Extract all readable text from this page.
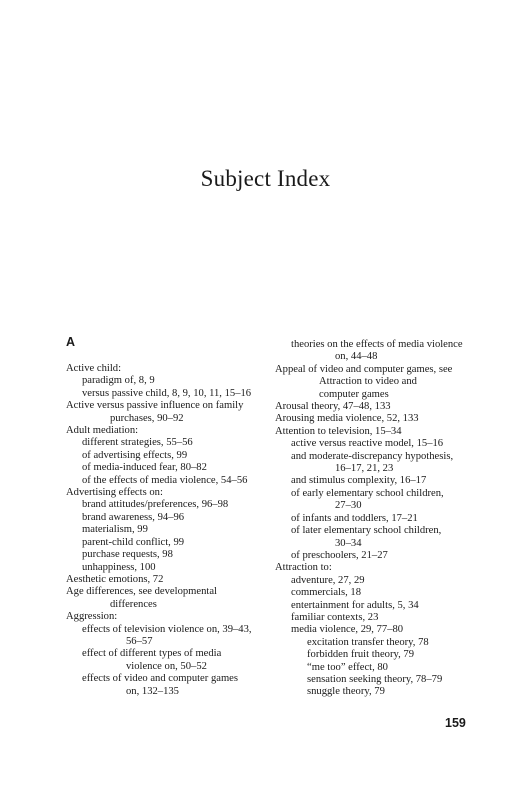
Subject Index
A
Active child:
paradigm of, 8, 9
versus passive child, 8, 9, 10, 11, 15–16
Active versus passive influence on family
purchases, 90–92
Adult mediation:
different strategies, 55–56
of advertising effects, 99
of media-induced fear, 80–82
of the effects of media violence, 54–56
Advertising effects on:
brand attitudes/preferences, 96–98
brand awareness, 94–96
materialism, 99
parent-child conflict, 99
purchase requests, 98
unhappiness, 100
Aesthetic emotions, 72
Age differences, see developmental
differences
Aggression:
effects of television violence on, 39–43,
56–57
effect of different types of media
violence on, 50–52
effects of video and computer games
on, 132–135
theories on the effects of media violence
on, 44–48
Appeal of video and computer games, see
Attraction to video and
computer games
Arousal theory, 47–48, 133
Arousing media violence, 52, 133
Attention to television, 15–34
active versus reactive model, 15–16
and moderate-discrepancy hypothesis,
16–17, 21, 23
and stimulus complexity, 16–17
of early elementary school children,
27–30
of infants and toddlers, 17–21
of later elementary school children,
30–34
of preschoolers, 21–27
Attraction to:
adventure, 27, 29
commercials, 18
entertainment for adults, 5, 34
familiar contexts, 23
media violence, 29, 77–80
excitation transfer theory, 78
forbidden fruit theory, 79
“me too” effect, 80
sensation seeking theory, 78–79
snuggle theory, 79
159
